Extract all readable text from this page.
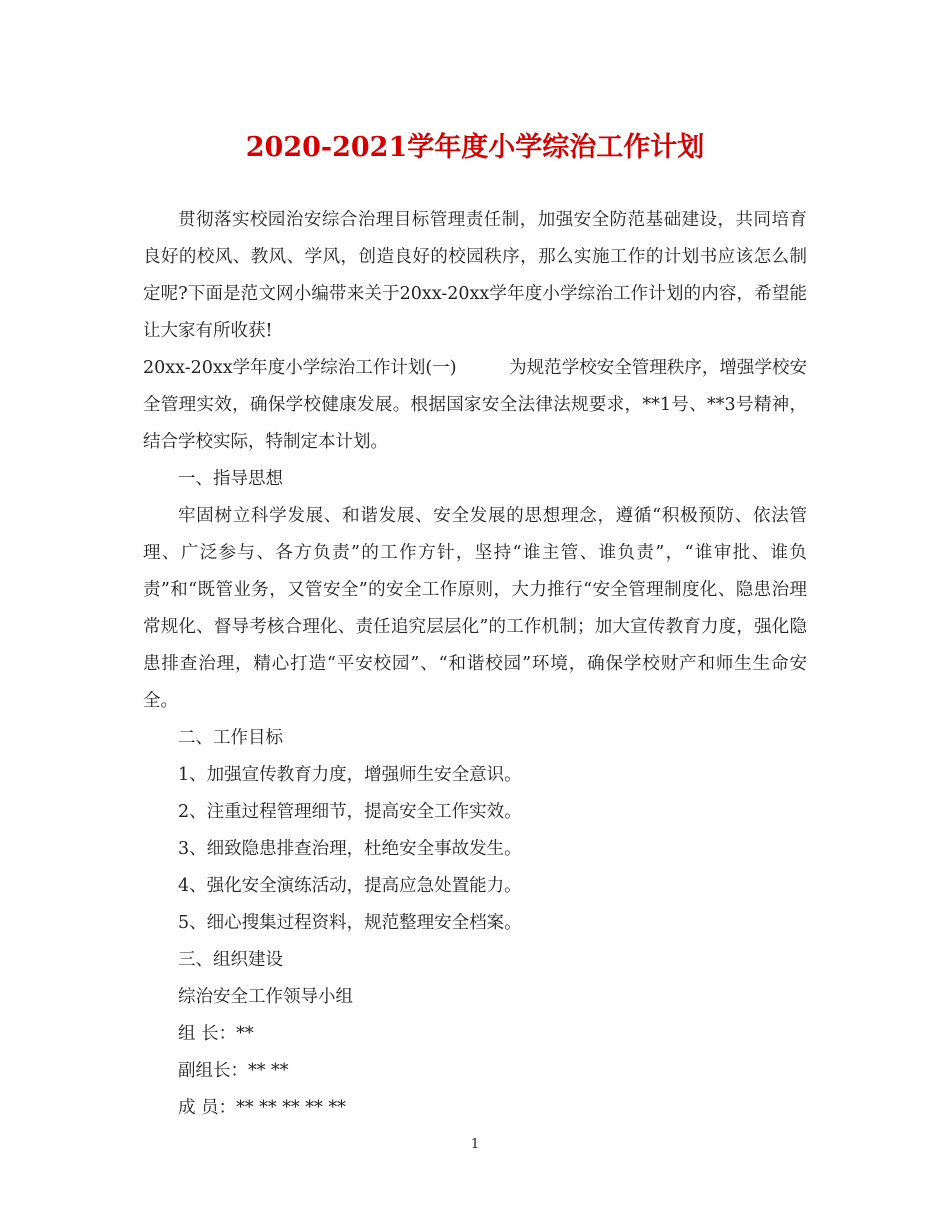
2020-2021学年度小学综治工作计划

贯彻落实校园治安综合治理目标管理责任制，加强安全防范基础建设，共同培育良好的校风、教风、学风，创造良好的校园秩序，那么实施工作的计划书应该怎么制定呢?下面是范文网小编带来关于20xx-20xx学年度小学综治工作计划的内容，希望能让大家有所收获!

20xx-20xx学年度小学综治工作计划(一)	为规范学校安全管理秩序，增强学校安全管理实效，确保学校健康发展。根据国家安全法律法规要求，**1号、**3号精神，结合学校实际，特制定本计划。

一、指导思想

牢固树立科学发展、和谐发展、安全发展的思想理念，遵循“积极预防、依法管理、广泛参与、各方负责”的工作方针，坚持“谁主管、谁负责”，“谁审批、谁负责”和“既管业务，又管安全”的安全工作原则，大力推行“安全管理制度化、隐患治理常规化、督导考核合理化、责任追究层层化”的工作机制；加大宣传教育力度，强化隐患排查治理，精心打造“平安校园”、“和谐校园”环境，确保学校财产和师生生命安全。

二、工作目标

1、加强宣传教育力度，增强师生安全意识。

2、注重过程管理细节，提高安全工作实效。

3、细致隐患排查治理，杜绝安全事故发生。

4、强化安全演练活动，提高应急处置能力。

5、细心搜集过程资料，规范整理安全档案。

三、组织建设

综治安全工作领导小组

组 长：**

副组长：** **

成 员：** ** ** ** **

1
